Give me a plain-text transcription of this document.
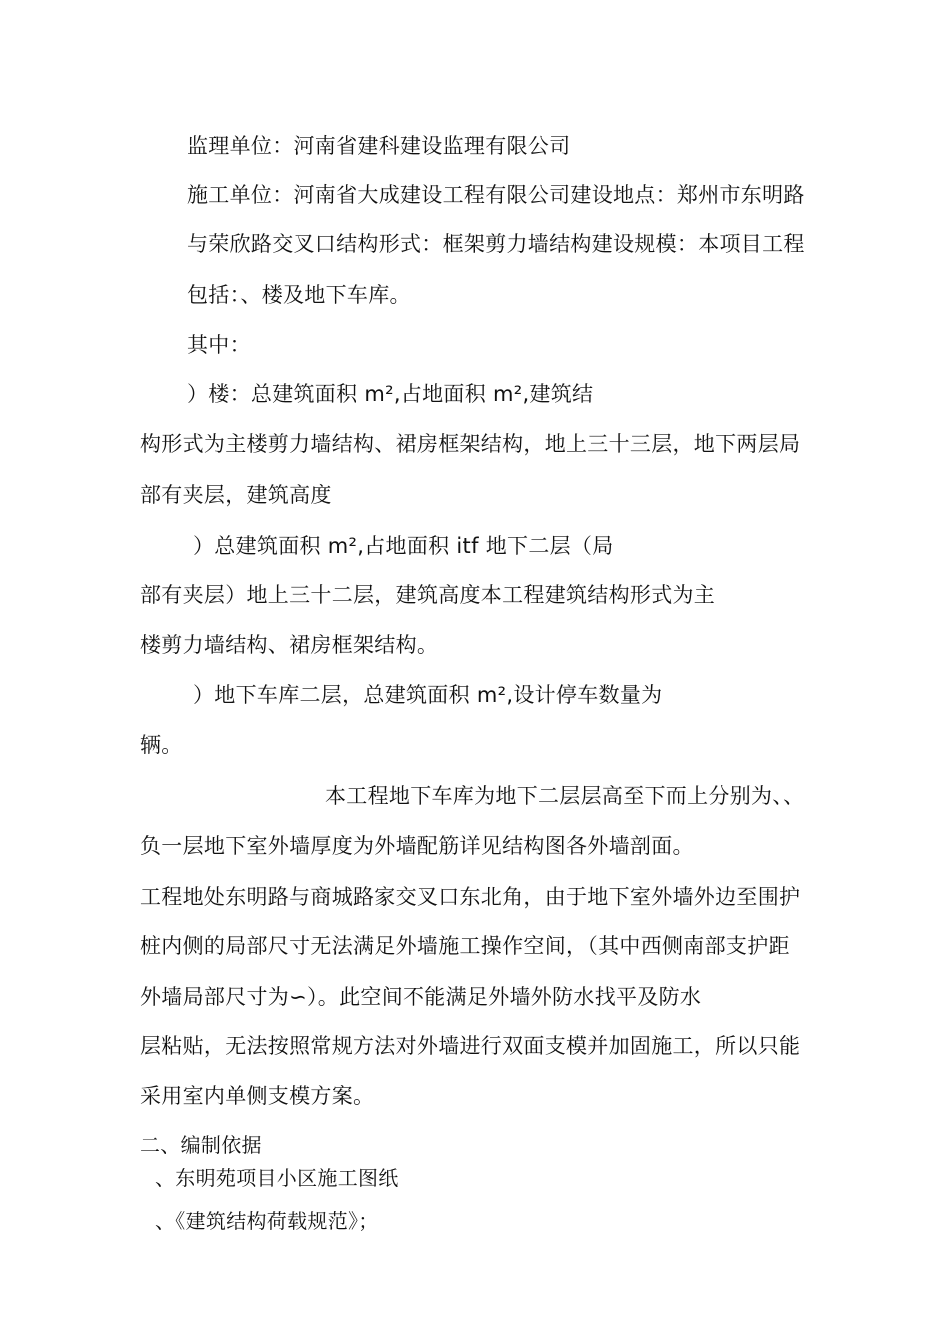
监理单位：河南省建科建设监理有限公司
施工单位：河南省大成建设工程有限公司建设地点：郑州市东明路
与荣欣路交叉口结构形式：框架剪力墙结构建设规模：本项目工程
包括：、楼及地下车库。
其中：
）楼：总建筑面积 m²,占地面积 m²,建筑结
构形式为主楼剪力墙结构、裙房框架结构，地上三十三层，地下两层局
部有夹层，建筑高度
）总建筑面积 m²,占地面积 itf 地下二层（局
部有夹层）地上三十二层，建筑高度本工程建筑结构形式为主
楼剪力墙结构、裙房框架结构。
）地下车库二层，总建筑面积 m²,设计停车数量为
辆。
本工程地下车库为地下二层层高至下而上分别为、、
负一层地下室外墙厚度为外墙配筋详见结构图各外墙剖面。
工程地处东明路与商城路家交叉口东北角，由于地下室外墙外边至围护
桩内侧的局部尺寸无法满足外墙施工操作空间，（其中西侧南部支护距
外墙局部尺寸为∽）。此空间不能满足外墙外防水找平及防水
层粘贴，无法按照常规方法对外墙进行双面支模并加固施工，所以只能
采用室内单侧支模方案。
二、编制依据
、东明苑项目小区施工图纸
、《建筑结构荷载规范》；
